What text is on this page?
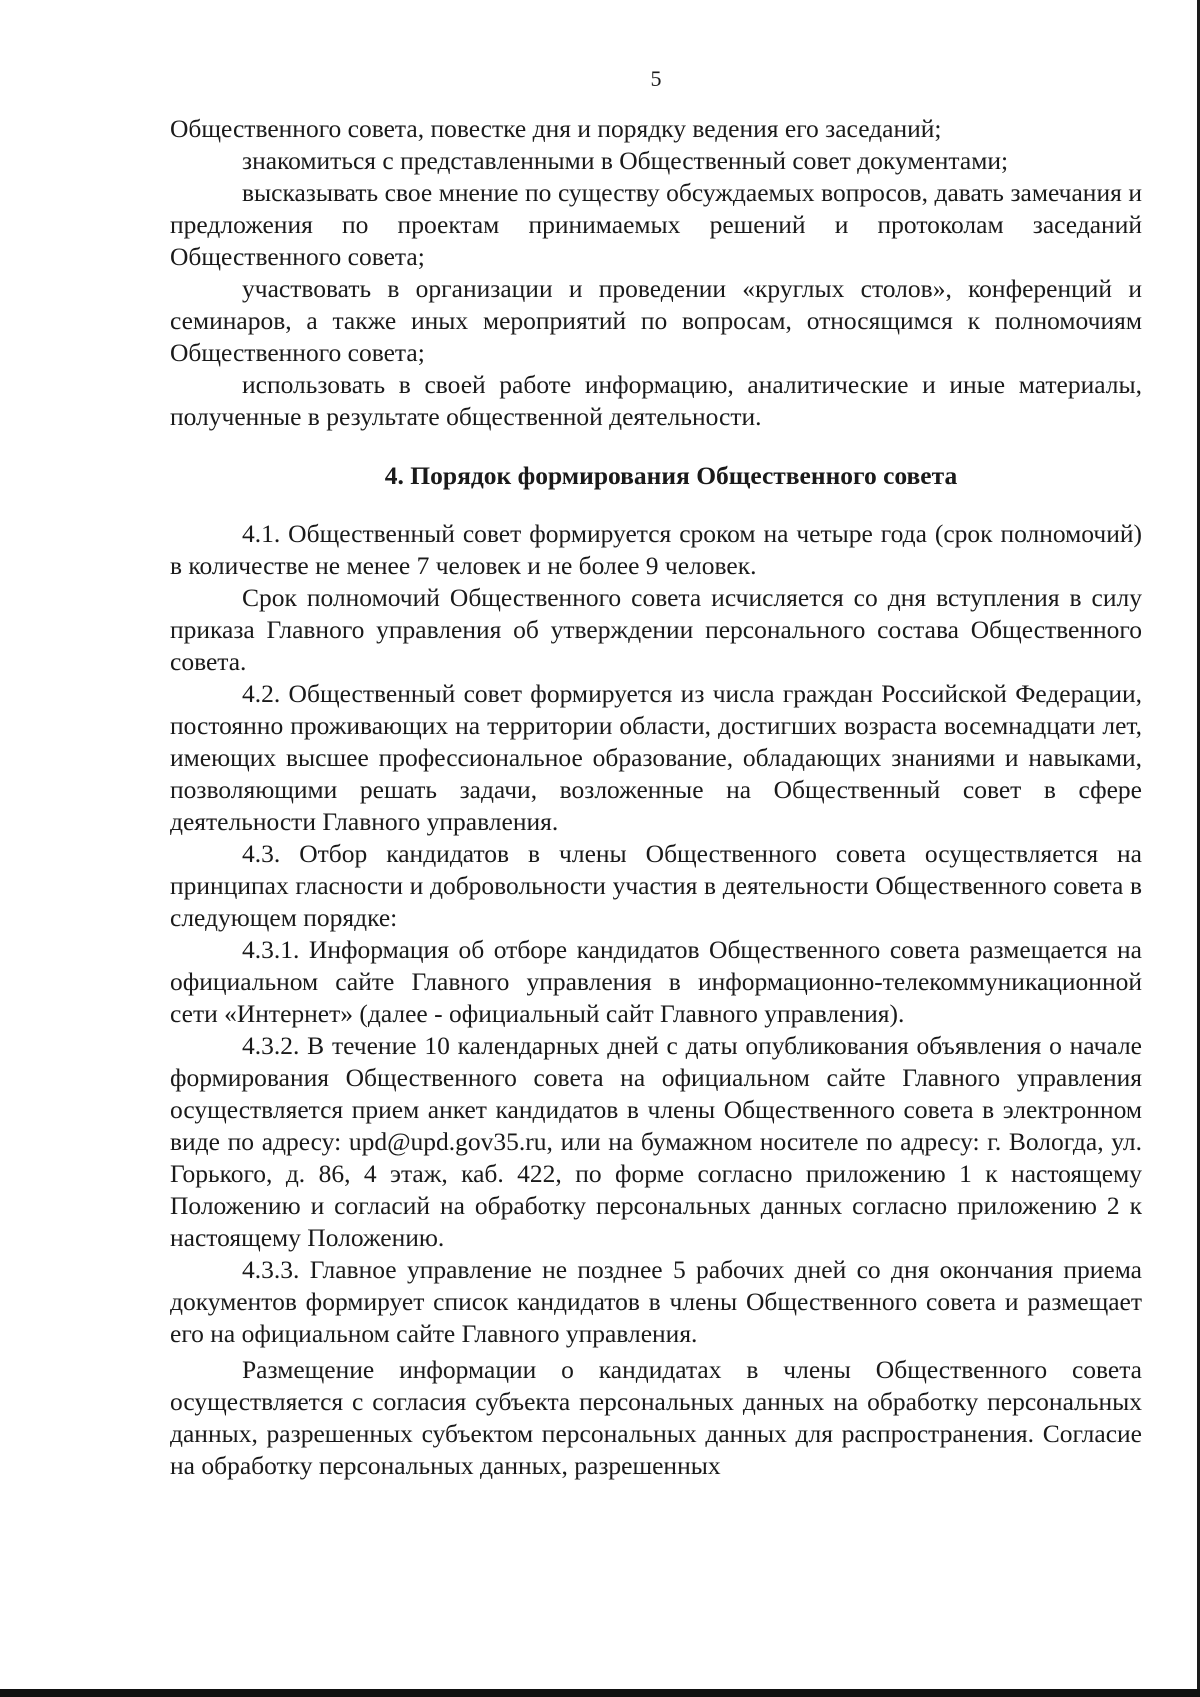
5

Общественного совета, повестке дня и порядку ведения его заседаний;

знакомиться с представленными в Общественный совет документами;

высказывать свое мнение по существу обсуждаемых вопросов, давать замечания и предложения по проектам принимаемых решений и протоколам заседаний Общественного совета;

участвовать в организации и проведении «круглых столов», конференций и семинаров, а также иных мероприятий по вопросам, относящимся к полномочиям Общественного совета;

использовать в своей работе информацию, аналитические и иные материалы, полученные в результате общественной деятельности.

4. Порядок формирования Общественного совета

4.1. Общественный совет формируется сроком на четыре года (срок полномочий) в количестве не менее 7 человек и не более 9 человек.

Срок полномочий Общественного совета исчисляется со дня вступления в силу приказа Главного управления об утверждении персонального состава Общественного совета.

4.2. Общественный совет формируется из числа граждан Российской Федерации, постоянно проживающих на территории области, достигших возраста восемнадцати лет, имеющих высшее профессиональное образование, обладающих знаниями и навыками, позволяющими решать задачи, возложенные на Общественный совет в сфере деятельности Главного управления.

4.3. Отбор кандидатов в члены Общественного совета осуществляется на принципах гласности и добровольности участия в деятельности Общественного совета в следующем порядке:

4.3.1. Информация об отборе кандидатов Общественного совета размещается на официальном сайте Главного управления в информационно-телекоммуникационной сети «Интернет» (далее - официальный сайт Главного управления).

4.3.2. В течение 10 календарных дней с даты опубликования объявления о начале формирования Общественного совета на официальном сайте Главного управления осуществляется прием анкет кандидатов в члены Общественного совета в электронном виде по адресу: upd@upd.gov35.ru, или на бумажном носителе по адресу: г. Вологда, ул. Горького, д. 86, 4 этаж, каб. 422, по форме согласно приложению 1 к настоящему Положению и согласий на обработку персональных данных согласно приложению 2 к настоящему Положению.

4.3.3. Главное управление не позднее 5 рабочих дней со дня окончания приема документов формирует список кандидатов в члены Общественного совета и размещает его на официальном сайте Главного управления.

Размещение информации о кандидатах в члены Общественного совета осуществляется с согласия субъекта персональных данных на обработку персональных данных, разрешенных субъектом персональных данных для распространения. Согласие на обработку персональных данных, разрешенных
